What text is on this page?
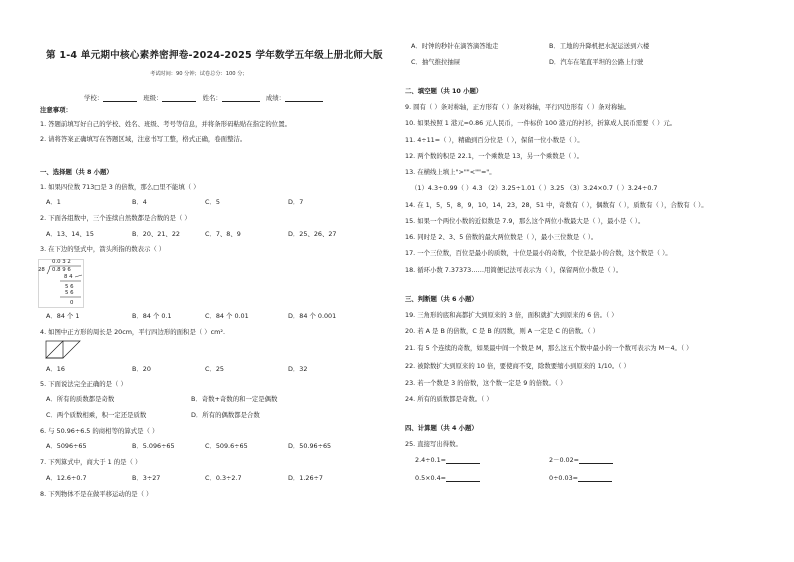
第 1-4 单元期中核心素养密押卷-2024-2025 学年数学五年级上册北师大版
考试时间：90 分钟；试卷总分：100 分；
学校：	班级：	姓名：	成绩：
注意事项：
1. 答题前填写好自己的学校、姓名、班级、考号等信息，并将条形码粘贴在指定的位置。
2. 请将答案正确填写在答题区域，注意书写工整，格式正确，卷面整洁。
一、选择题（共 8 小题）
1. 如果四位数 713□是 3 的倍数，那么□里不能填（ ）
A．1	B．4	C．5	D．7
2. 下面各组数中，三个连续自然数都是合数的是（ ）
A．13、14、15	B．20、21、22	C．7、8、9	D．25、26、27
3. 在下边的竖式中，箭头所指的数表示（ ）
0.0 3 2
28 0.8 9 6
8 4
5 6
5 6
0
A．84 个 1	B．84 个 0.1	C．84 个 0.01	D．84 个 0.001
4. 如图中正方形的周长是 20cm，平行四边形的面积是（ ）cm².
A．16	B．20	C．25	D．32
5. 下面说法完全正确的是（ ）
A．所有的质数都是奇数	B．奇数+奇数的和一定是偶数
C．两个质数相乘，积一定还是质数	D．所有的偶数都是合数
6. 与 50.96÷6.5 的商相等的算式是（ ）
A．5096÷65	B．5.096÷65	C．509.6÷65	D．50.96÷65
7. 下列算式中，商大于 1 的是（ ）
A．12.6÷0.7	B．3÷27	C．0.3÷2.7	D．1.26÷7
8. 下列物体不是在做平移运动的是（ ）
A．时钟的秒针在滴答滴答地走	B．工地的升降机把水泥运送到六楼
C．抽气推拉抽屉	D．汽车在笔直平坦的公路上行驶
二、填空题（共 10 小题）
9. 圆有（ ）条对称轴，正方形有（ ）条对称轴，平行四边形有（ ）条对称轴。
10. 如果按照 1 港元=0.86 元人民币，一件标价 100 港元的衬衫，折算成人民币需要（ ）元。
11. 4÷11=（ ），精确到百分位是（ ），保留一位小数是（ ）。
12. 两个数的积是 22.1，一个乘数是 13，另一个乘数是（ ）。
13. 在横线上填上">""<""="。
（1）4.3÷0.99（ ）4.3 （2）3.25÷1.01（ ）3.25 （3）3.24×0.7（ ）3.24÷0.7
14. 在 1，5，5，8，9，10，14，23，28，51 中，奇数有（ ），偶数有（ ），质数有（ ），合数有（ ）。
15. 如果一个两位小数的近似数是 7.9，那么这个两位小数最大是（ ），最小是（ ）。
16. 同时是 2、3、5 倍数的最大两位数是（ ），最小三位数是（ ）。
17. 一个三位数，百位是最小的质数，十位是最小的奇数，个位是最小的合数，这个数是（ ）。
18. 循环小数 7.37373……用简便记法可表示为（ ），保留两位小数是（ ）。
三、判断题（共 6 小题）
19. 三角形的底和高都扩大到原来的 3 倍，面积就扩大到原来的 6 倍。（ ）
20. 若 A 是 B 的倍数，C 是 B 的因数，则 A 一定是 C 的倍数。（ ）
21. 有 5 个连续的奇数，如果最中间一个数是 M，那么这五个数中最小的一个数可表示为 M－4。（ ）
22. 被除数扩大到原来的 10 倍，要使商不变，除数要缩小到原来的 1/10。（ ）
23. 若一个数是 3 的倍数，这个数一定是 9 的倍数。（ ）
24. 所有的质数都是奇数。（ ）
四、计算题（共 4 小题）
25. 直接写出得数。
2.4÷0.1=	2－0.02=
0.5×0.4=	0÷0.03=
